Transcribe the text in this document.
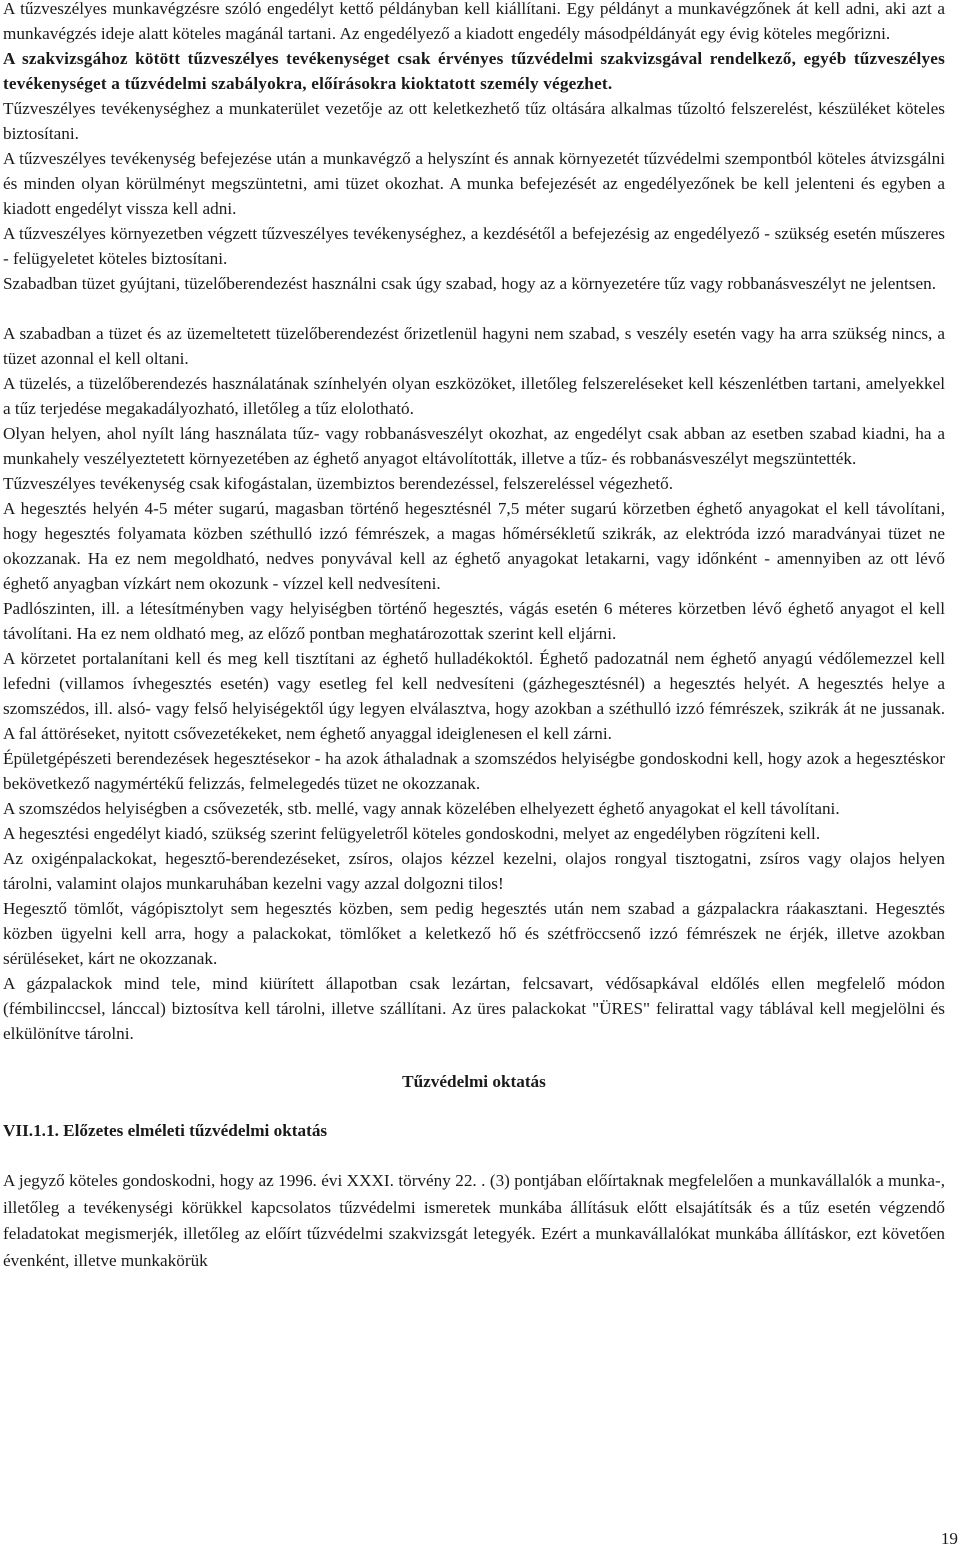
A tűzveszélyes munkavégzésre szóló engedélyt kettő példányban kell kiállítani. Egy példányt a munkavégzőnek át kell adni, aki azt a munkavégzés ideje alatt köteles magánál tartani. Az engedélyező a kiadott engedély másodpéldányát egy évig köteles megőrizni.

A szakvizsgához kötött tűzveszélyes tevékenységet csak érvényes tűzvédelmi szakvizsgával rendelkező, egyéb tűzveszélyes tevékenységet a tűzvédelmi szabályokra, előírásokra kioktatott személy végezhet.

Tűzveszélyes tevékenységhez a munkaterület vezetője az ott keletkezhető tűz oltására alkalmas tűzoltó felszerelést, készüléket köteles biztosítani.

A tűzveszélyes tevékenység befejezése után a munkavégző a helyszínt és annak környezetét tűzvédelmi szempontból köteles átvizsgálni és minden olyan körülményt megszüntetni, ami tüzet okozhat. A munka befejezését az engedélyezőnek be kell jelenteni és egyben a kiadott engedélyt vissza kell adni.

A tűzveszélyes környezetben végzett tűzveszélyes tevékenységhez, a kezdésétől a befejezésig az engedélyező - szükség esetén műszeres - felügyeletet köteles biztosítani.

Szabadban tüzet gyújtani, tüzelőberendezést használni csak úgy szabad, hogy az a környezetére tűz vagy robbanásveszélyt ne jelentsen.

A szabadban a tüzet és az üzemeltetett tüzelőberendezést őrizetlenül hagyni nem szabad, s veszély esetén vagy ha arra szükség nincs, a tüzet azonnal el kell oltani.

A tüzelés, a tüzelőberendezés használatának színhelyén olyan eszközöket, illetőleg felszereléseket kell készenlétben tartani, amelyekkel a tűz terjedése megakadályozható, illetőleg a tűz elolotható.

Olyan helyen, ahol nyílt láng használata tűz- vagy robbanásveszélyt okozhat, az engedélyt csak abban az esetben szabad kiadni, ha a munkahely veszélyeztetett környezetében az éghető anyagot eltávolították, illetve a tűz- és robbanásveszélyt megszüntették.

Tűzveszélyes tevékenység csak kifogástalan, üzembiztos berendezéssel, felszereléssel végezhető.

A hegesztés helyén 4-5 méter sugarú, magasban történő hegesztésnél 7,5 méter sugarú körzetben éghető anyagokat el kell távolítani, hogy hegesztés folyamata közben széthulló izzó fémrészek, a magas hőmérsékletű szikrák, az elektróda izzó maradványai tüzet ne okozzanak. Ha ez nem megoldható, nedves ponyvával kell az éghető anyagokat letakarni, vagy időnként - amennyiben az ott lévő éghető anyagban vízkárt nem okozunk - vízzel kell nedvesíteni.

Padlószinten, ill. a létesítményben vagy helyiségben történő hegesztés, vágás esetén 6 méteres körzetben lévő éghető anyagot el kell távolítani. Ha ez nem oldható meg, az előző pontban meghatározottak szerint kell eljárni.

A körzetet portalanítani kell és meg kell tisztítani az éghető hulladékoktól. Éghető padozatnál nem éghető anyagú védőlemezzel kell lefedni (villamos ívhegesztés esetén) vagy esetleg fel kell nedvesíteni (gázhegesztésnél) a hegesztés helyét. A hegesztés helye a szomszédos, ill. alsó- vagy felső helyiségektől úgy legyen elválasztva, hogy azokban a széthulló izzó fémrészek, szikrák át ne jussanak. A fal áttöréseket, nyitott csővezetékeket, nem éghető anyaggal ideiglenesen el kell zárni.

Épületgépészeti berendezések hegesztésekor - ha azok áthaladnak a szomszédos helyiségbe gondoskodni kell, hogy azok a hegesztéskor bekövetkező nagymértékű felizzás, felmelegedés tüzet ne okozzanak.

A szomszédos helyiségben a csővezeték, stb. mellé, vagy annak közelében elhelyezett éghető anyagokat el kell távolítani.

A hegesztési engedélyt kiadó, szükség szerint felügyeletről köteles gondoskodni, melyet az engedélyben rögzíteni kell.

Az oxigénpalackokat, hegesztő-berendezéseket, zsíros, olajos kézzel kezelni, olajos rongyal tisztogatni, zsíros vagy olajos helyen tárolni, valamint olajos munkaruhában kezelni vagy azzal dolgozni tilos!

Hegesztő tömlőt, vágópisztolyt sem hegesztés közben, sem pedig hegesztés után nem szabad a gázpalackra ráakasztani. Hegesztés közben ügyelni kell arra, hogy a palackokat, tömlőket a keletkező hő és szétfröccsenő izzó fémrészek ne érjék, illetve azokban sérüléseket, kárt ne okozzanak.

A gázpalackok mind tele, mind kiürített állapotban csak lezártan, felcsavart, védősapkával eldőlés ellen megfelelő módon (fémbilinccsel, lánccal) biztosítva kell tárolni, illetve szállítani. Az üres palackokat "ÜRES" felirattal vagy táblával kell megjelölni és elkülönítve tárolni.

Tűzvédelmi oktatás
VII.1.1. Előzetes elméleti tűzvédelmi oktatás

A jegyző köteles gondoskodni, hogy az 1996. évi XXXI. törvény 22. . (3) pontjában előírtaknak megfelelően a munkavállalók a munka-, illetőleg a tevékenységi körükkel kapcsolatos tűzvédelmi ismeretek munkába állításuk előtt elsajátítsák és a tűz esetén végzendő feladatokat megismerjék, illetőleg az előírt tűzvédelmi szakvizsgát letegyék. Ezért a munkavállalókat munkába állításkor, ezt követően évenként, illetve munkakörük

19
